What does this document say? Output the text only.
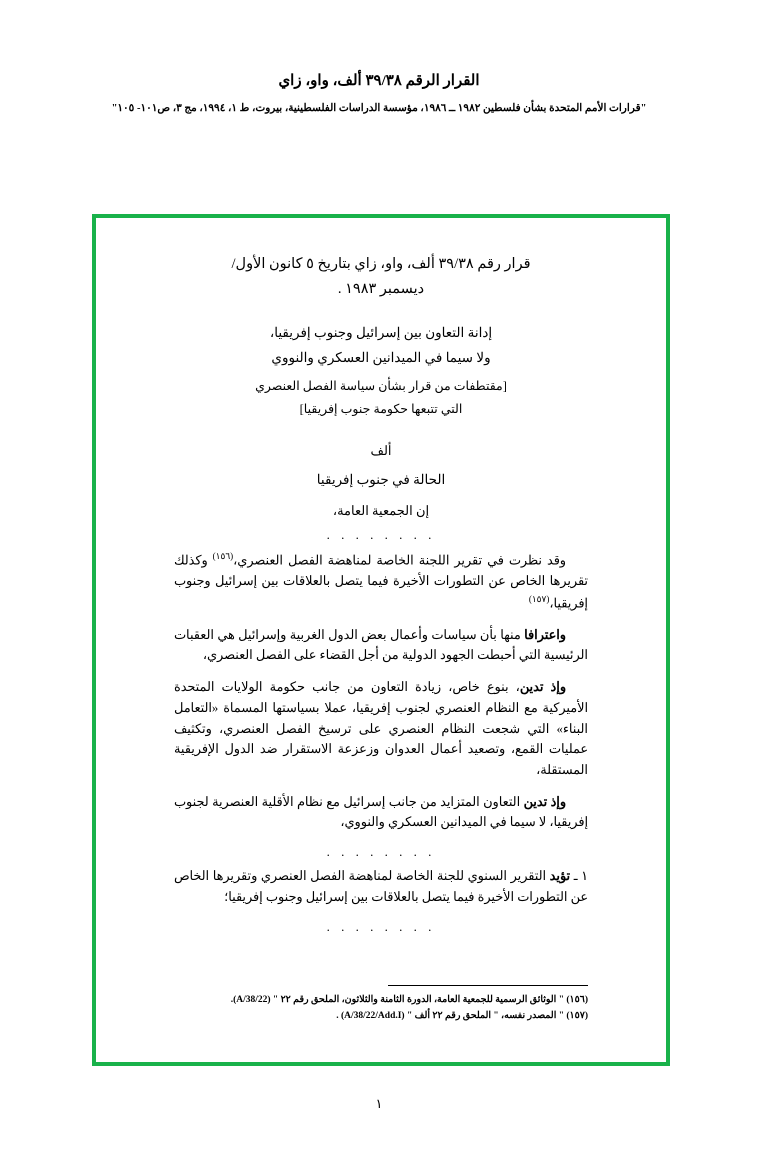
القرار الرقم ٣٩/٣٨ ألف، واو، زاي
"قرارات الأمم المتحدة بشأن فلسطين ١٩٨٢ ــ ١٩٨٦، مؤسسة الدراسات الفلسطينية، بيروت، ط ١، ١٩٩٤، مج ٣، ص١٠١- ١٠٥"
قرار رقم ٣٩/٣٨ ألف، واو، زاي بتاريخ ٥ كانون الأول/
ديسمبر ١٩٨٣ .
إدانة التعاون بين إسرائيل وجنوب إفريقيا،
ولا سيما في الميدانين العسكري والنووي
[مقتطفات من قرار بشأن سياسة الفصل العنصري
التي تتبعها حكومة جنوب إفريقيا]
ألف
الحالة في جنوب إفريقيا
إن الجمعية العامة،
. . . . . . . .

وقد نظرت في تقرير اللجنة الخاصة لمناهضة الفصل العنصري،$^{(١٥٦)}$ وكذلك تقريرها الخاص عن التطورات الأخيرة فيما يتصل بالعلاقات بين إسرائيل وجنوب إفريقيا،$^{(١٥٧)}$

واعترافا منها بأن سياسات وأعمال بعض الدول الغربية وإسرائيل هي العقبات الرئيسية التي أحبطت الجهود الدولية من أجل القضاء على الفصل العنصري،

وإذ تدين، بنوع خاص، زيادة التعاون من جانب حكومة الولايات المتحدة الأميركية مع النظام العنصري لجنوب إفريقيا، عملا بسياستها المسماة «التعامل البناء» التي شجعت النظام العنصري على ترسيخ الفصل العنصري، وتكثيف عمليات القمع، وتصعيد أعمال العدوان وزعزعة الاستقرار ضد الدول الإفريقية المستقلة،

وإذ تدين التعاون المتزايد من جانب إسرائيل مع نظام الأقلية العنصرية لجنوب إفريقيا، لا سيما في الميدانين العسكري والنووي،

. . . . . . . .

١ ـ تؤيد التقرير السنوي للجنة الخاصة لمناهضة الفصل العنصري وتقريرها الخاص عن التطورات الأخيرة فيما يتصل بالعلاقات بين إسرائيل وجنوب إفريقيا؛

. . . . . . . .
(١٥٦) " الوثائق الرسمية للجمعية العامة، الدورة الثامنة والثلاثون، الملحق رقم ٢٢ " (A/38/22).
(١٥٧) " المصدر نفسه، " الملحق رقم ٢٢ ألف " (A/38/22/Add.I) .
١
